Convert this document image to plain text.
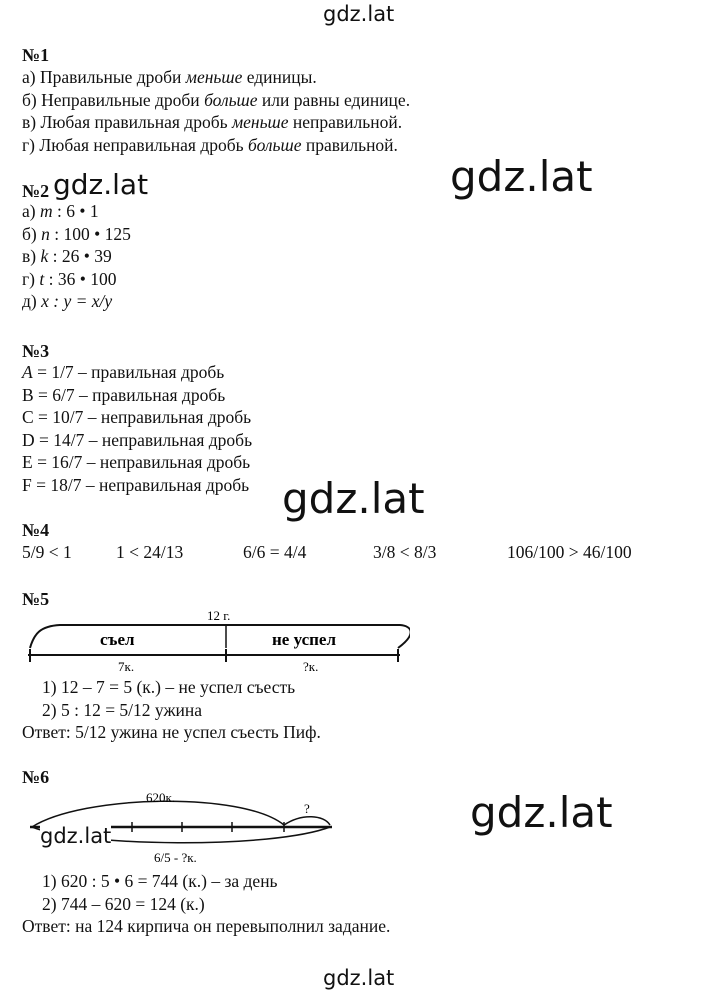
gdz.lat
gdz.lat
gdz.lat
gdz.lat
gdz.lat
№1
а) Правильные дроби меньше единицы.
б) Неправильные дроби больше или равны единице.
в) Любая правильная дробь меньше неправильной.
г) Любая неправильная дробь больше правильной.
№2 gdz.lat
а) m : 6 • 1
б) n : 100 • 125
в) k : 26 • 39
г) t : 36 • 100
д) x : y = x/y
№3
A = 1/7 – правильная дробь
B = 6/7 – правильная дробь
C = 10/7 – неправильная дробь
D = 14/7 – неправильная дробь
E = 16/7 – неправильная дробь
F = 18/7 – неправильная дробь
№4
5/9 < 1	1 < 24/13	6/6 = 4/4	3/8 < 8/3	106/100 > 46/100
№5
12 г.
съел	не успел
7к.	?к.
1) 12 – 7 = 5 (к.) – не успел съесть
2) 5 : 12 = 5/12 ужина
Ответ: 5/12 ужина не успел съесть Пиф.
№6
620к.
?
6/5 - ?к.
gdz.lat
1) 620 : 5 • 6 = 744 (к.) – за день
2) 744 – 620 = 124 (к.)
Ответ: на 124 кирпича он перевыполнил задание.
